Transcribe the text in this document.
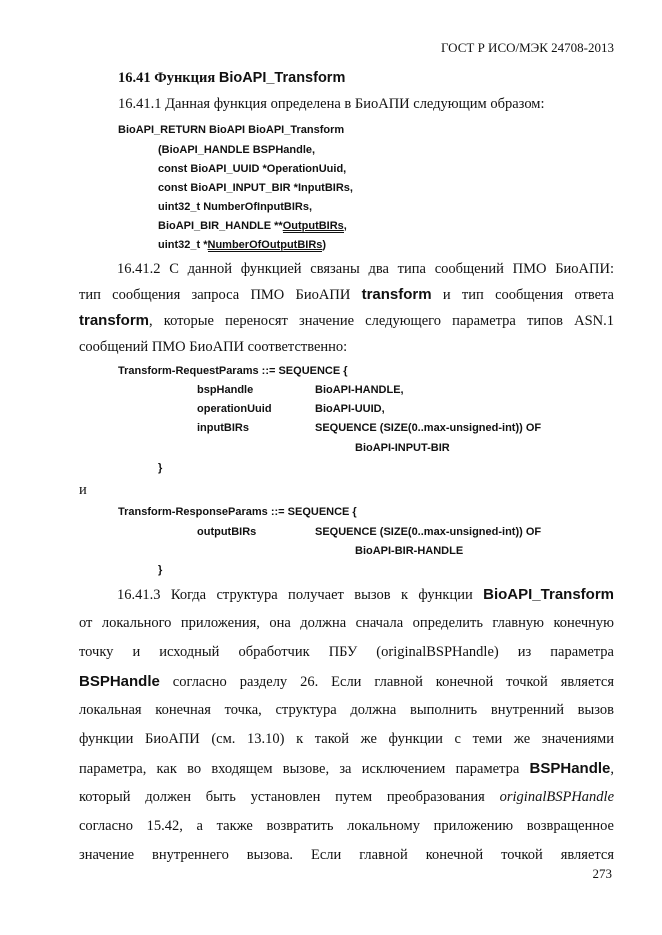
ГОСТ Р ИСО/МЭК 24708-2013
16.41 Функция BioAPI_Transform
16.41.1 Данная функция определена в БиоАПИ следующим образом:
BioAPI_RETURN BioAPI BioAPI_Transform
(BioAPI_HANDLE BSPHandle,
const BioAPI_UUID *OperationUuid,
const BioAPI_INPUT_BIR *InputBIRs,
uint32_t NumberOfInputBIRs,
BioAPI_BIR_HANDLE **OutputBIRs,
uint32_t *NumberOfOutputBIRs)
16.41.2 С данной функцией связаны два типа сообщений ПМО БиоАПИ:
тип сообщения запроса ПМО БиоАПИ transform и тип сообщения ответа
transform, которые переносят значение следующего параметра типов ASN.1
сообщений ПМО БиоАПИ соответственно:
Transform-RequestParams ::= SEQUENCE {
bspHandle	BioAPI-HANDLE,
operationUuid	BioAPI-UUID,
inputBIRs	SEQUENCE (SIZE(0..max-unsigned-int)) OF
BioAPI-INPUT-BIR
}
и
Transform-ResponseParams ::= SEQUENCE {
outputBIRs	SEQUENCE (SIZE(0..max-unsigned-int)) OF
BioAPI-BIR-HANDLE
}
16.41.3 Когда структура получает вызов к функции BioAPI_Transform
от локального приложения, она должна сначала определить главную конечную
точку и исходный обработчик ПБУ (originalBSPHandle) из параметра
BSPHandle согласно разделу 26. Если главной конечной точкой является
локальная конечная точка, структура должна выполнить внутренний вызов
функции БиоАПИ (см. 13.10) к такой же функции с теми же значениями
параметра, как во входящем вызове, за исключением параметра BSPHandle,
который должен быть установлен путем преобразования originalBSPHandle
согласно 15.42, а также возвратить локальному приложению возвращенное
значение внутреннего вызова. Если главной конечной точкой является
273
